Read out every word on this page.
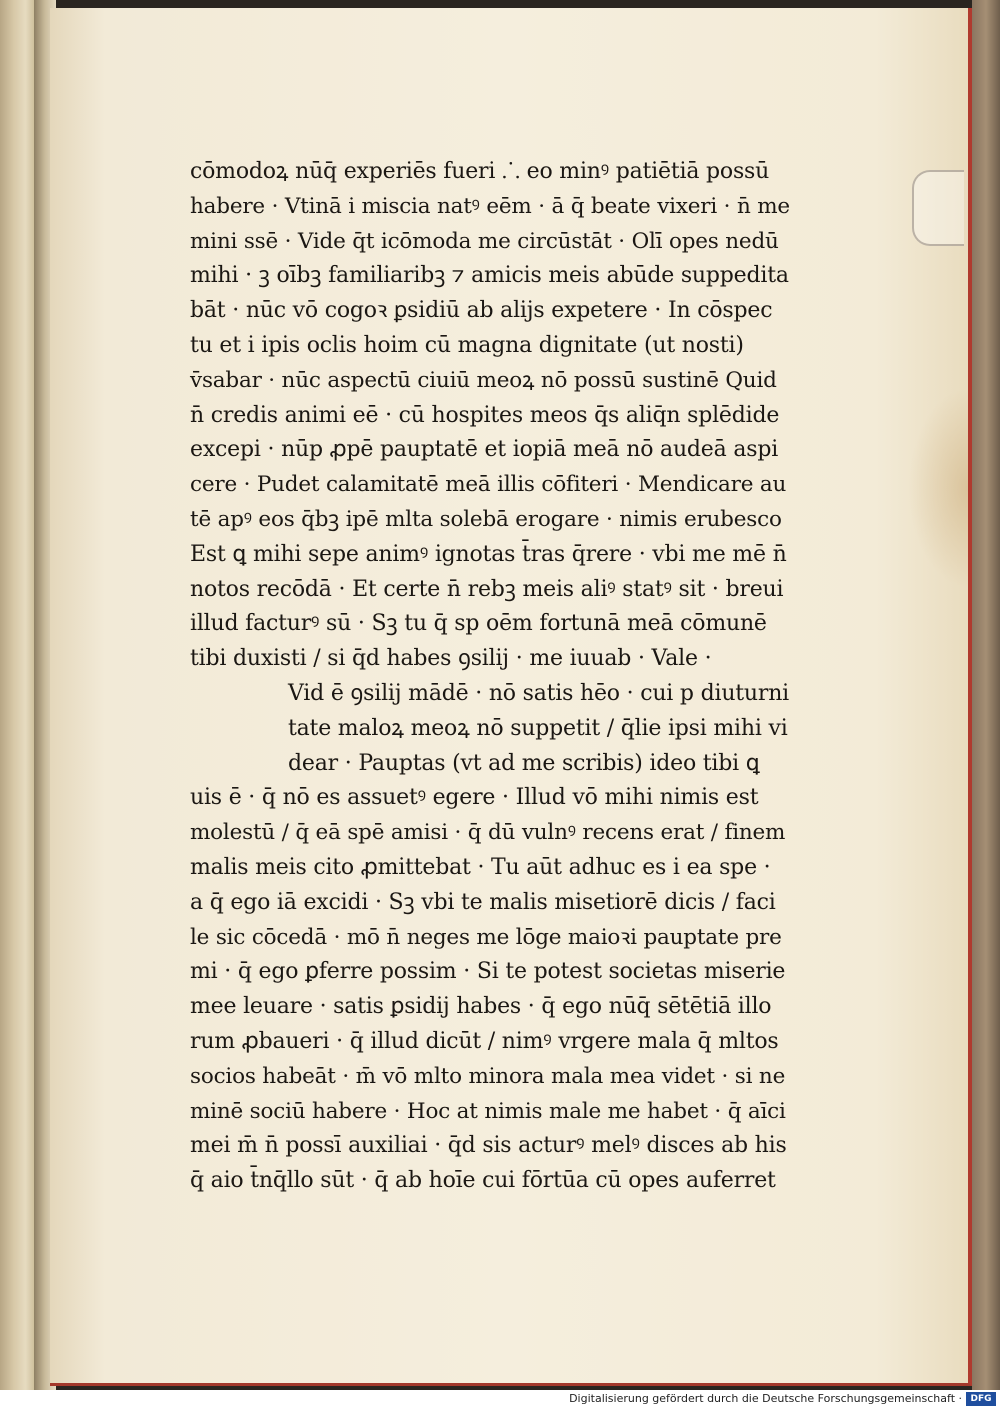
cōmodoꝝ nūq̄ experiēs fueri ⸫ eo minꝰ patiētiā possū
habere · Vtinā i miscia natꝰ eēm · ā q̄ beate vixeri · n̄ me
mini ssē · Vide q̄t icōmoda me circūstāt · Olī opes nedū
mihi · ꝫ oībꝫ familiaribꝫ ⁊ amicis meis abūde suppedita
bāt · nūc vō cogoꝛ ꝑsidiū ab alijs expetere · In cōspec
tu et i ipis oclis hoim cū magna dignitate (ut nosti)
v̄sabar · nūc aspectū ciuiū meoꝝ nō possū sustinē Quid
n̄ credis animi eē · cū hospites meos q̄s aliq̄n splēdide
excepi · nūp ꝓpē pauptatē et iopiā meā nō audeā aspi
cere · Pudet calamitatē meā illis cōfiteri · Mendicare au
tē apꝰ eos q̄bꝫ ipē mlta solebā erogare · nimis erubesco
Est ꝗ mihi sepe animꝰ ignotas t̄ras q̄rere · vbi me mē n̄
notos recōdā · Et certe n̄ rebꝫ meis aliꝰ statꝰ sit · breui
illud facturꝰ sū · Sꝫ tu q̄ sp oēm fortunā meā cōmunē
tibi duxisti / si q̄d habes ꝯsilij · me iuuab · Vale ·
Vid ē ꝯsilij mādē · nō satis hēo · cui p diuturni
tate maloꝝ meoꝝ nō suppetit / q̄lie ipsi mihi vi
dear · Pauptas (vt ad me scribis) ideo tibi ꝗ
uis ē · q̄ nō es assuetꝰ egere · Illud vō mihi nimis est
molestū / q̄ eā spē amisi · q̄ dū vulnꝰ recens erat / finem
malis meis cito ꝓmittebat · Tu aūt adhuc es i ea spe ·
a q̄ ego iā excidi · Sꝫ vbi te malis misetiorē dicis / faci
le sic cōcedā · mō n̄ neges me lōge maioꝛi pauptate pre
mi · q̄ ego ꝑferre possim · Si te potest societas miserie
mee leuare · satis ꝑsidij habes · q̄ ego nūq̄ sētētiā illo
rum ꝓbaueri · q̄ illud dicūt / nimꝰ vrgere mala q̄ mltos
socios habeāt · m̄ vō mlto minora mala mea videt · si ne
minē sociū habere · Hoc at nimis male me habet · q̄ aīci
mei m̄ n̄ possī auxiliai · q̄d sis acturꝰ melꝰ disces ab his
q̄ aio t̄nq̄llo sūt · q̄ ab hoīe cui fōrtūa cū opes auferret
Digitalisierung gefördert durch die Deutsche Forschungsgemeinschaft · DFG
